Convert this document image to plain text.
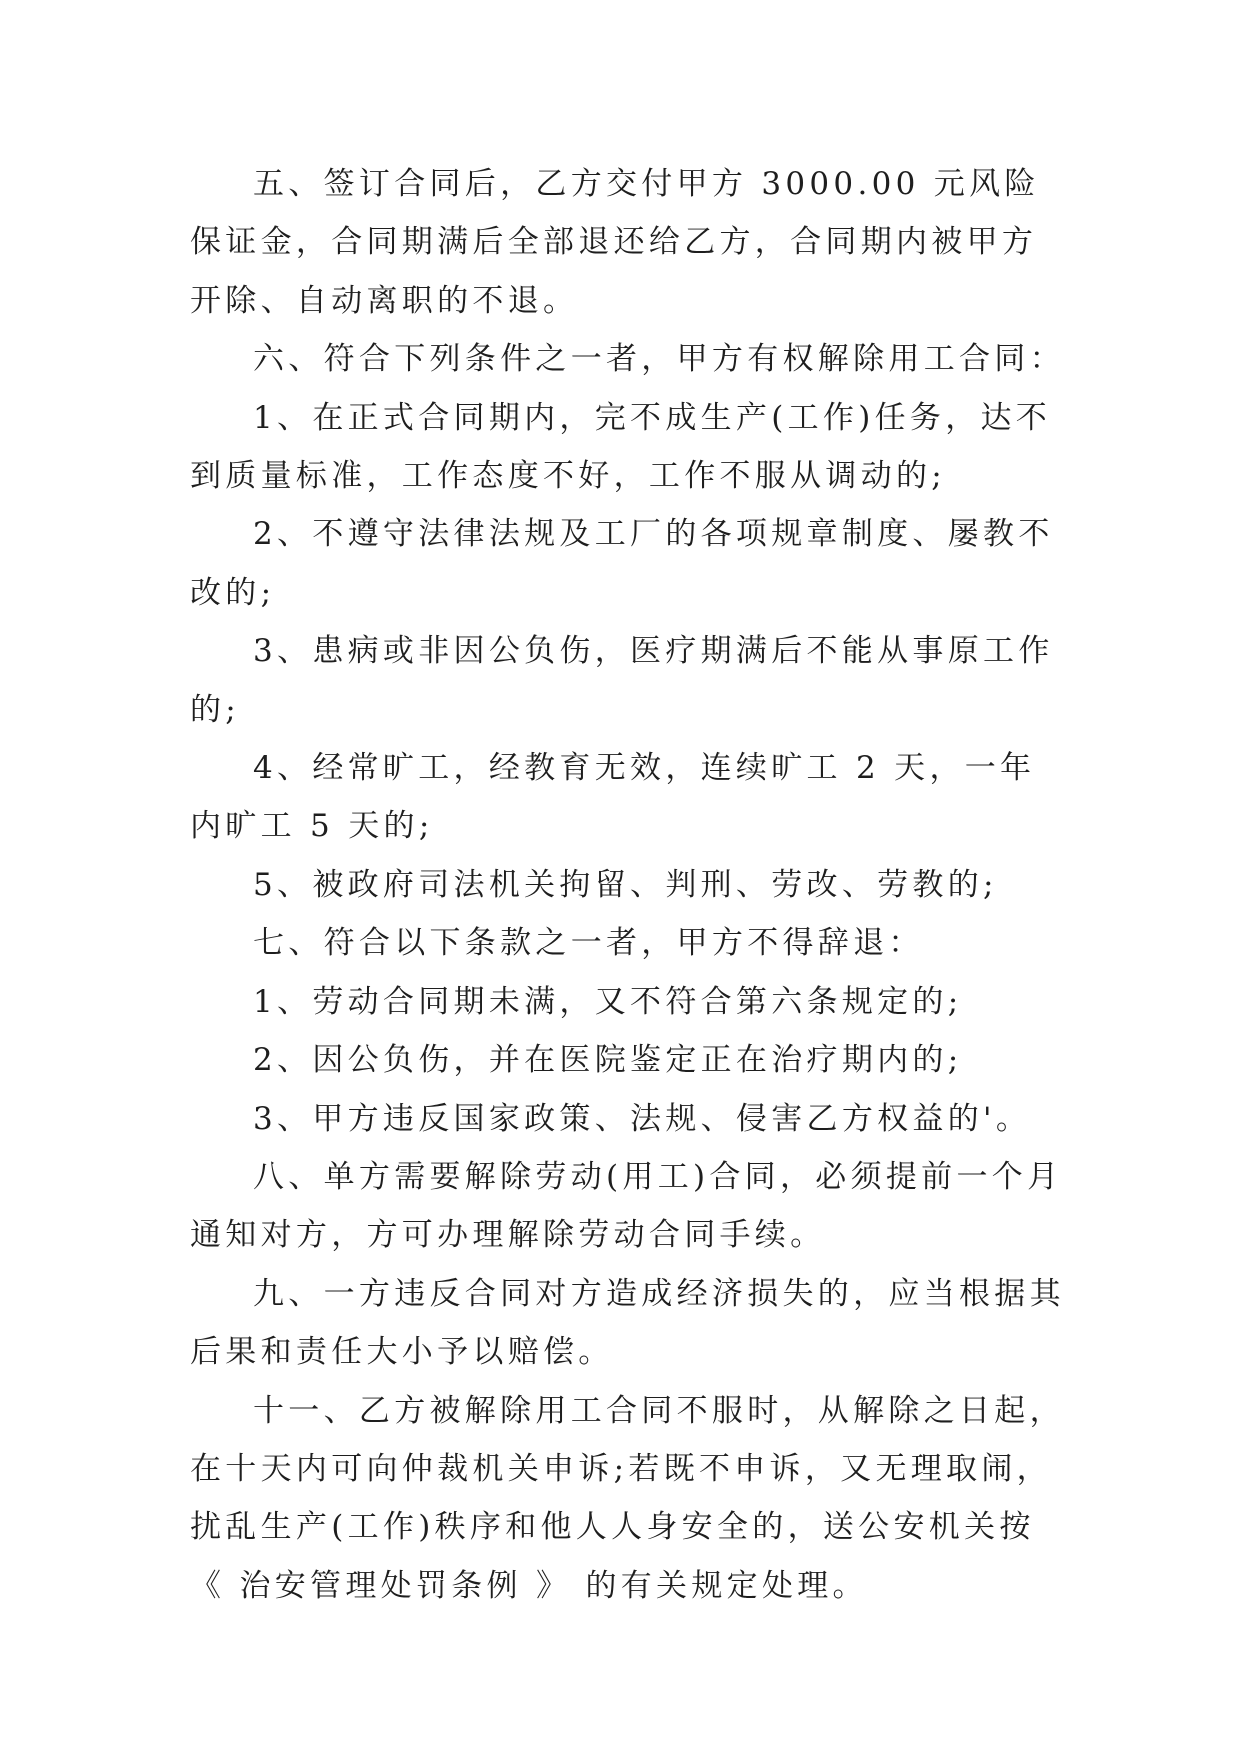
五、签订合同后，乙方交付甲方 3000.00 元风险保证金，合同期满后全部退还给乙方，合同期内被甲方开除、自动离职的不退。

六、符合下列条件之一者，甲方有权解除用工合同：

1、在正式合同期内，完不成生产(工作)任务，达不到质量标准，工作态度不好，工作不服从调动的;

2、不遵守法律法规及工厂的各项规章制度、屡教不改的;

3、患病或非因公负伤，医疗期满后不能从事原工作的;

4、经常旷工，经教育无效，连续旷工 2 天，一年内旷工 5 天的;

5、被政府司法机关拘留、判刑、劳改、劳教的;

七、符合以下条款之一者，甲方不得辞退：

1、劳动合同期未满，又不符合第六条规定的;

2、因公负伤，并在医院鉴定正在治疗期内的;

3、甲方违反国家政策、法规、侵害乙方权益的'。

八、单方需要解除劳动(用工)合同，必须提前一个月通知对方，方可办理解除劳动合同手续。

九、一方违反合同对方造成经济损失的，应当根据其后果和责任大小予以赔偿。

十一、乙方被解除用工合同不服时，从解除之日起，在十天内可向仲裁机关申诉;若既不申诉，又无理取闹，扰乱生产(工作)秩序和他人人身安全的，送公安机关按 《 治安管理处罚条例 》 的有关规定处理。
